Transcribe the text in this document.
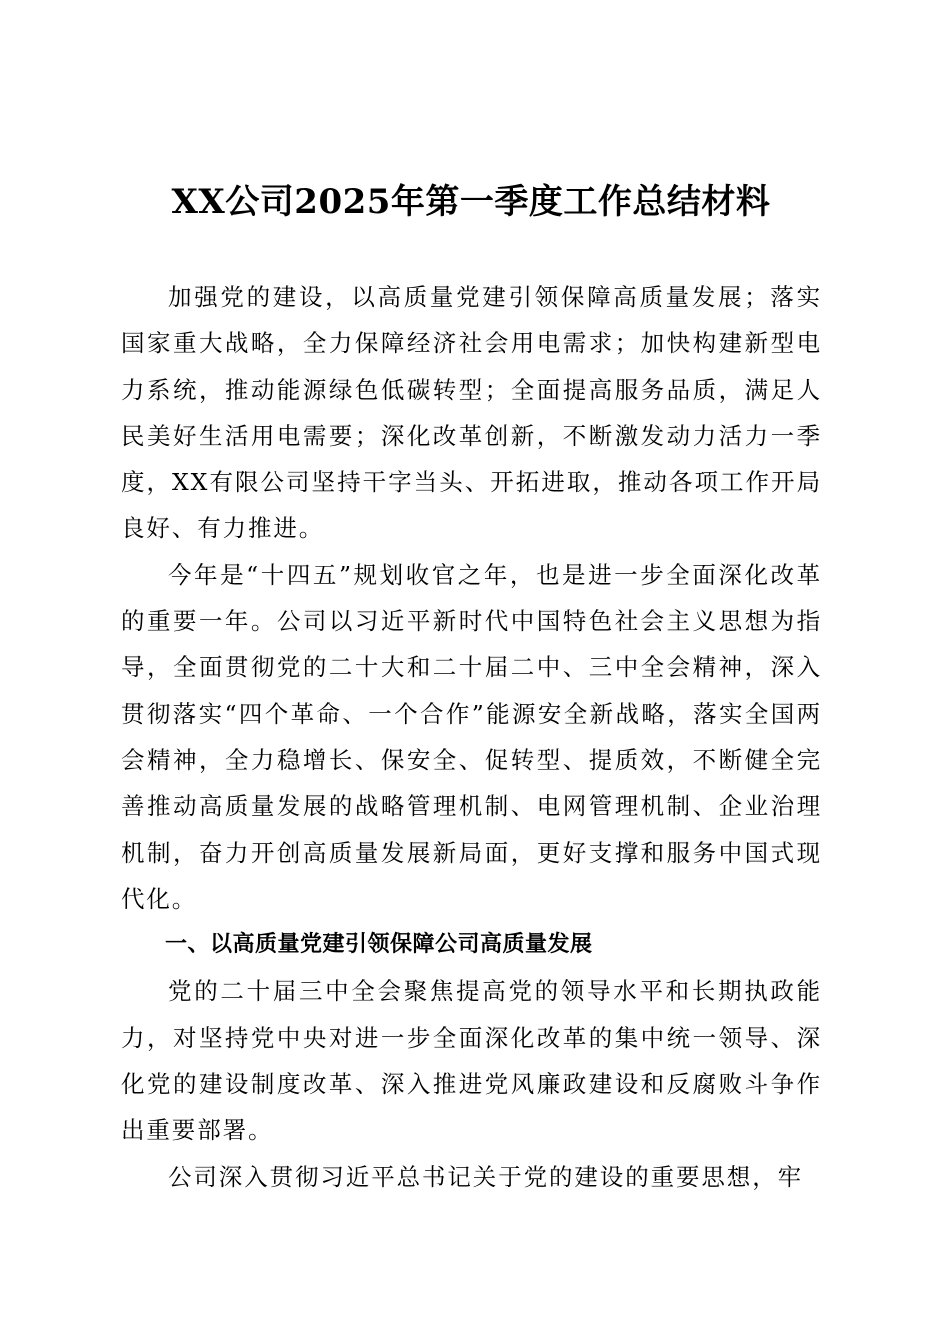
XX公司2025年第一季度工作总结材料

加强党的建设，以高质量党建引领保障高质量发展；落实国家重大战略，全力保障经济社会用电需求；加快构建新型电力系统，推动能源绿色低碳转型；全面提高服务品质，满足人民美好生活用电需要；深化改革创新，不断激发动力活力一季度，XX有限公司坚持干字当头、开拓进取，推动各项工作开局良好、有力推进。

今年是“十四五”规划收官之年，也是进一步全面深化改革的重要一年。公司以习近平新时代中国特色社会主义思想为指导，全面贯彻党的二十大和二十届二中、三中全会精神，深入贯彻落实“四个革命、一个合作”能源安全新战略，落实全国两会精神，全力稳增长、保安全、促转型、提质效，不断健全完善推动高质量发展的战略管理机制、电网管理机制、企业治理机制，奋力开创高质量发展新局面，更好支撑和服务中国式现代化。

一、以高质量党建引领保障公司高质量发展

党的二十届三中全会聚焦提高党的领导水平和长期执政能力，对坚持党中央对进一步全面深化改革的集中统一领导、深化党的建设制度改革、深入推进党风廉政建设和反腐败斗争作出重要部署。

公司深入贯彻习近平总书记关于党的建设的重要思想，牢
